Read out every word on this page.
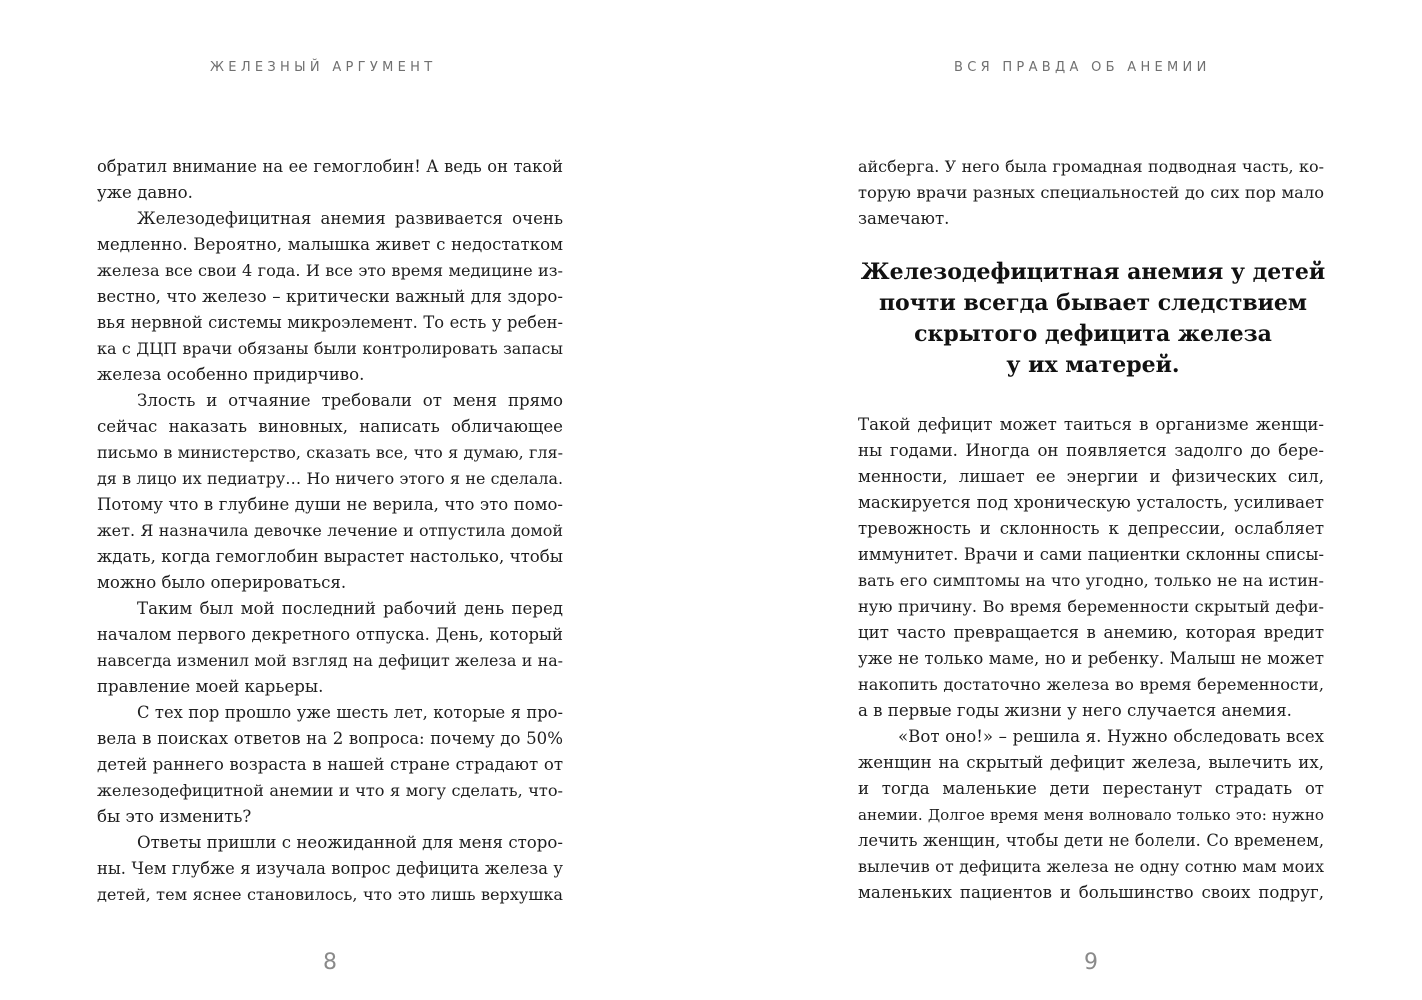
ЖЕЛЕЗНЫЙ АРГУМЕНТ
обратил внимание на ее гемоглобин! А ведь он такой
уже давно.
Железодефицитная анемия развивается очень
медленно. Вероятно, малышка живет с недостатком
железа все свои 4 года. И все это время медицине из-
вестно, что железо – критически важный для здоро-
вья нервной системы микроэлемент. То есть у ребен-
ка с ДЦП врачи обязаны были контролировать запасы
железа особенно придирчиво.
Злость и отчаяние требовали от меня прямо
сейчас наказать виновных, написать обличающее
письмо в министерство, сказать все, что я думаю, гля-
дя в лицо их педиатру… Но ничего этого я не сделала.
Потому что в глубине души не верила, что это помо-
жет. Я назначила девочке лечение и отпустила домой
ждать, когда гемоглобин вырастет настолько, чтобы
можно было оперироваться.
Таким был мой последний рабочий день перед
началом первого декретного отпуска. День, который
навсегда изменил мой взгляд на дефицит железа и на-
правление моей карьеры.
С тех пор прошло уже шесть лет, которые я про-
вела в поисках ответов на 2 вопроса: почему до 50%
детей раннего возраста в нашей стране страдают от
железодефицитной анемии и что я могу сделать, что-
бы это изменить?
Ответы пришли с неожиданной для меня сторо-
ны. Чем глубже я изучала вопрос дефицита железа у
детей, тем яснее становилось, что это лишь верхушка
8
ВСЯ ПРАВДА ОБ АНЕМИИ
айсберга. У него была громадная подводная часть, ко-
торую врачи разных специальностей до сих пор мало
замечают.
Железодефицитная анемия у детей
почти всегда бывает следствием
скрытого дефицита железа
у их матерей.
Такой дефицит может таиться в организме женщи-
ны годами. Иногда он появляется задолго до бере-
менности, лишает ее энергии и физических сил,
маскируется под хроническую усталость, усиливает
тревожность и склонность к депрессии, ослабляет
иммунитет. Врачи и сами пациентки склонны списы-
вать его симптомы на что угодно, только не на истин-
ную причину. Во время беременности скрытый дефи-
цит часто превращается в анемию, которая вредит
уже не только маме, но и ребенку. Малыш не может
накопить достаточно железа во время беременности,
а в первые годы жизни у него случается анемия.
«Вот оно!» – решила я. Нужно обследовать всех
женщин на скрытый дефицит железа, вылечить их,
и тогда маленькие дети перестанут страдать от
анемии. Долгое время меня волновало только это: нужно
лечить женщин, чтобы дети не болели. Со временем,
вылечив от дефицита железа не одну сотню мам моих
маленьких пациентов и большинство своих подруг,
9
